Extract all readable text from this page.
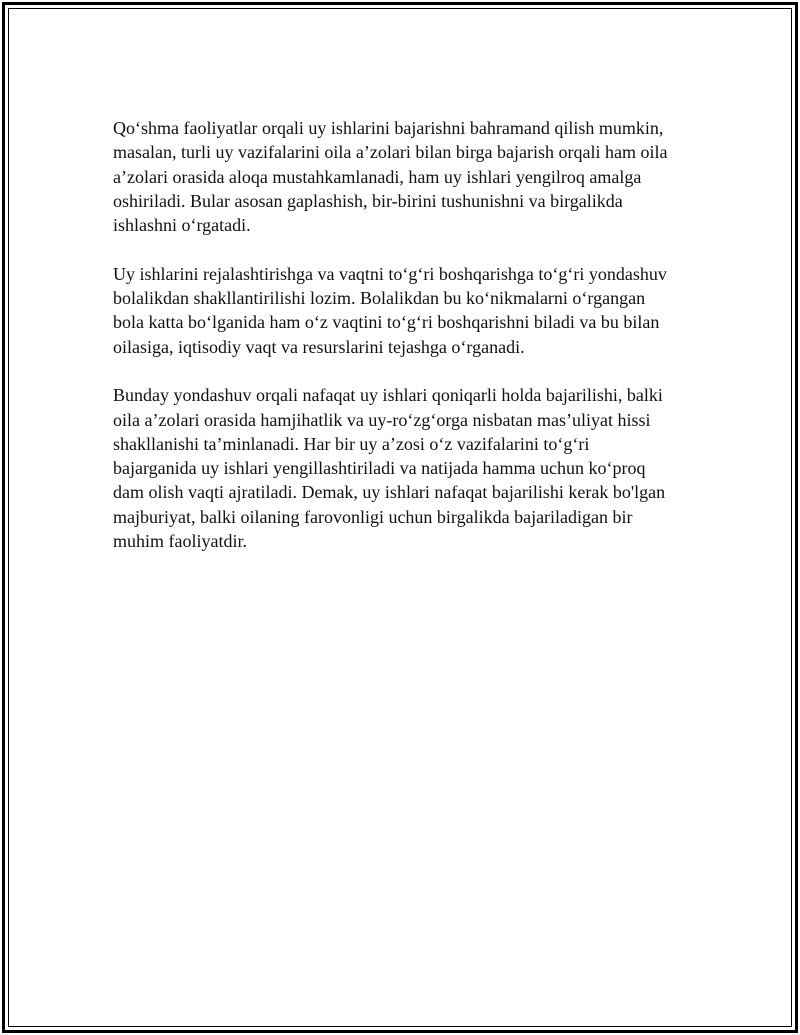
Qo‘shma faoliyatlar orqali uy ishlarini bajarishni bahramand qilish mumkin,
masalan, turli uy vazifalarini oila a’zolari bilan birga bajarish orqali ham oila
a’zolari orasida aloqa mustahkamlanadi, ham uy ishlari yengilroq amalga
oshiriladi. Bular asosan gaplashish, bir-birini tushunishni va birgalikda
ishlashni o‘rgatadi.

Uy ishlarini rejalashtirishga va vaqtni to‘g‘ri boshqarishga to‘g‘ri yondashuv
bolalikdan shakllantirilishi lozim. Bolalikdan bu ko‘nikmalarni o‘rgangan
bola katta bo‘lganida ham o‘z vaqtini to‘g‘ri boshqarishni biladi va bu bilan
oilasiga, iqtisodiy vaqt va resurslarini tejashga o‘rganadi.

Bunday yondashuv orqali nafaqat uy ishlari qoniqarli holda bajarilishi, balki
oila a’zolari orasida hamjihatlik va uy-ro‘zg‘orga nisbatan mas’uliyat hissi
shakllanishi ta’minlanadi. Har bir uy a’zosi o‘z vazifalarini to‘g‘ri
bajarganida uy ishlari yengillashtiriladi va natijada hamma uchun ko‘proq
dam olish vaqti ajratiladi. Demak, uy ishlari nafaqat bajarilishi kerak bo'lgan
majburiyat, balki oilaning farovonligi uchun birgalikda bajariladigan bir
muhim faoliyatdir.
